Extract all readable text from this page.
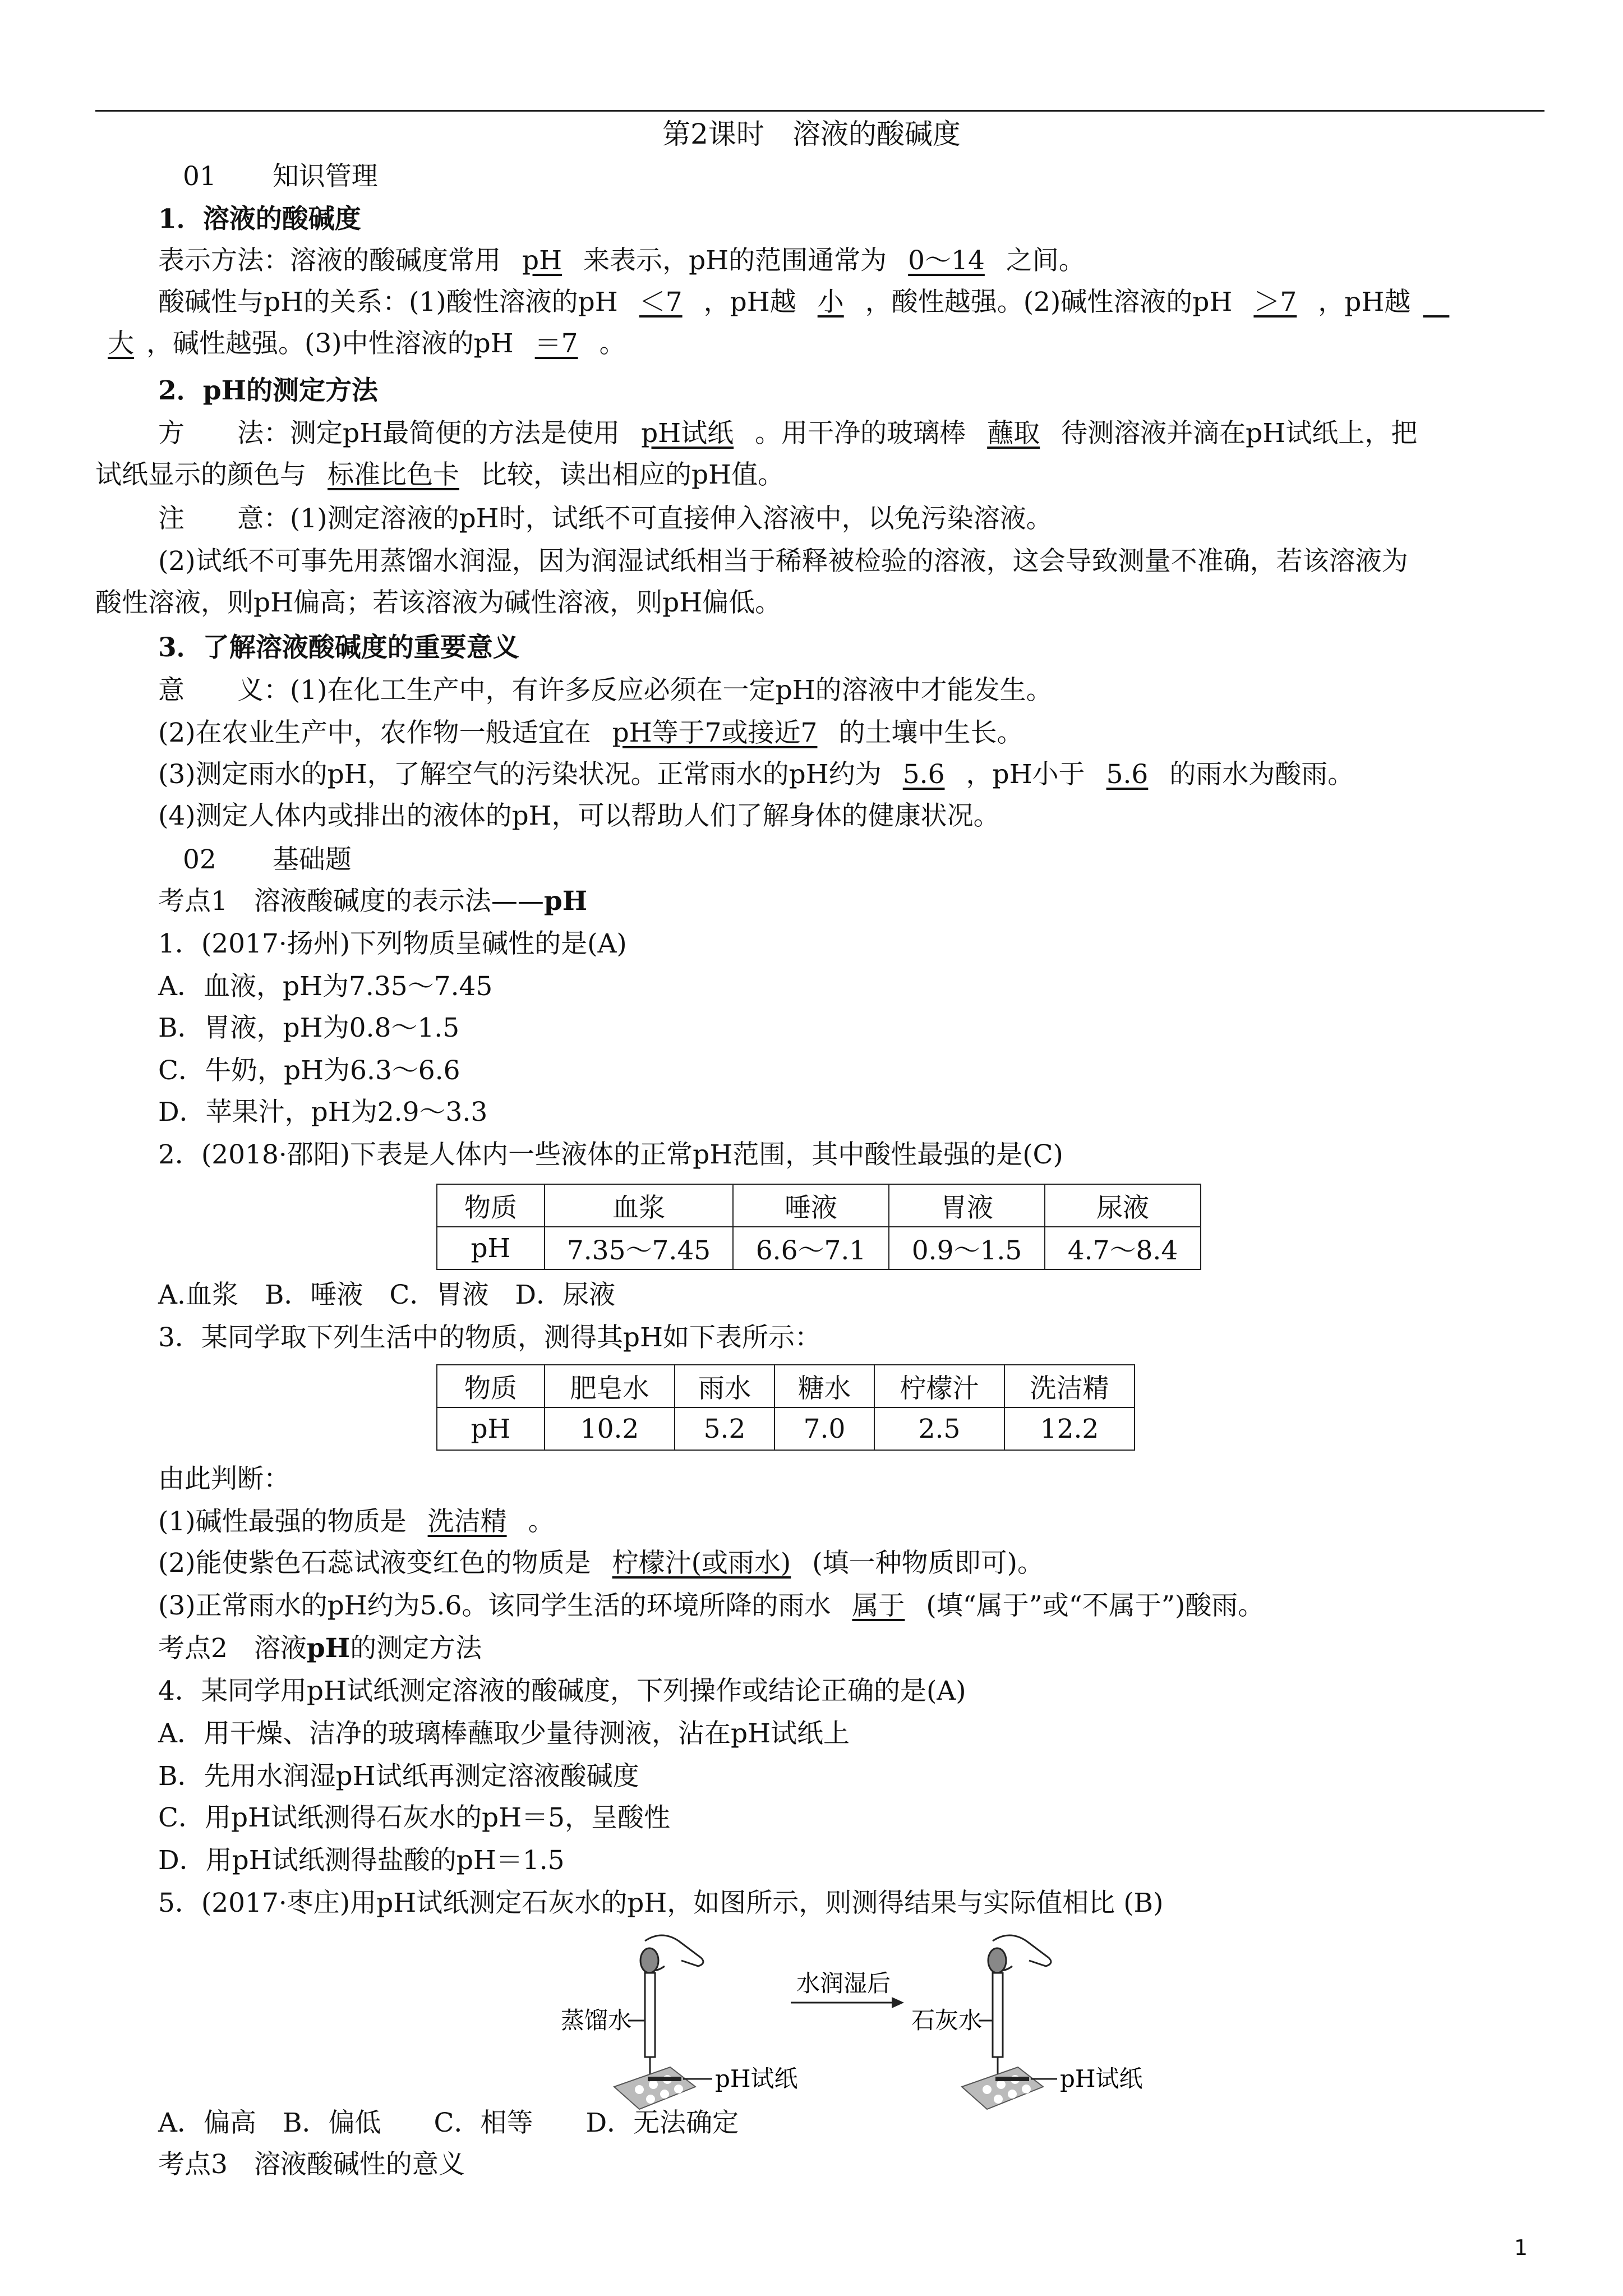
第2课时　溶液的酸碱度
01 知识管理
1．溶液的酸碱度
表示方法：溶液的酸碱度常用 pH 来表示，pH的范围通常为 0～14 之间。
酸碱性与pH的关系：(1)酸性溶液的pH ＜7 ，pH越 小 ，酸性越强。(2)碱性溶液的pH ＞7 ，pH越 
大 ，碱性越强。(3)中性溶液的pH ＝7 。
2．pH的测定方法
方　　法：测定pH最简便的方法是使用 pH试纸 。用干净的玻璃棒 蘸取 待测溶液并滴在pH试纸上，把
试纸显示的颜色与 标准比色卡 比较，读出相应的pH值。
注　　意：(1)测定溶液的pH时，试纸不可直接伸入溶液中，以免污染溶液。
(2)试纸不可事先用蒸馏水润湿，因为润湿试纸相当于稀释被检验的溶液，这会导致测量不准确，若该溶液为
酸性溶液，则pH偏高；若该溶液为碱性溶液，则pH偏低。
3．了解溶液酸碱度的重要意义
意　　义：(1)在化工生产中，有许多反应必须在一定pH的溶液中才能发生。
(2)在农业生产中，农作物一般适宜在 pH等于7或接近7 的土壤中生长。
(3)测定雨水的pH，了解空气的污染状况。正常雨水的pH约为 5.6 ，pH小于 5.6 的雨水为酸雨。
(4)测定人体内或排出的液体的pH，可以帮助人们了解身体的健康状况。
02 基础题
考点1　溶液酸碱度的表示法——pH
1．(2017·扬州)下列物质呈碱性的是(A)
A．血液，pH为7.35～7.45
B．胃液，pH为0.8～1.5
C．牛奶，pH为6.3～6.6
D．苹果汁，pH为2.9～3.3
2．(2018·邵阳)下表是人体内一些液体的正常pH范围，其中酸性最强的是(C)
物质	血浆	唾液	胃液	尿液
pH	7.35～7.45	6.6～7.1	0.9～1.5	4.7～8.4
A.血浆　B．唾液　C．胃液　D．尿液
3．某同学取下列生活中的物质，测得其pH如下表所示：
物质	肥皂水	雨水	糖水	柠檬汁	洗洁精
pH	10.2	5.2	7.0	2.5	12.2
由此判断：
(1)碱性最强的物质是 洗洁精 。
(2)能使紫色石蕊试液变红色的物质是 柠檬汁(或雨水) (填一种物质即可)。
(3)正常雨水的pH约为5.6。该同学生活的环境所降的雨水 属于 (填“属于”或“不属于”)酸雨。
考点2　溶液pH的测定方法
4．某同学用pH试纸测定溶液的酸碱度，下列操作或结论正确的是(A)
A．用干燥、洁净的玻璃棒蘸取少量待测液，沾在pH试纸上
B．先用水润湿pH试纸再测定溶液酸碱度
C．用pH试纸测得石灰水的pH＝5，呈酸性
D．用pH试纸测得盐酸的pH＝1.5
5．(2017·枣庄)用pH试纸测定石灰水的pH，如图所示，则测得结果与实际值相比 (B)
pH试纸
蒸馏水
水润湿后
石灰水
pH试纸
A．偏高　B．偏低　　C．相等　　D．无法确定
考点3　溶液酸碱性的意义
1
